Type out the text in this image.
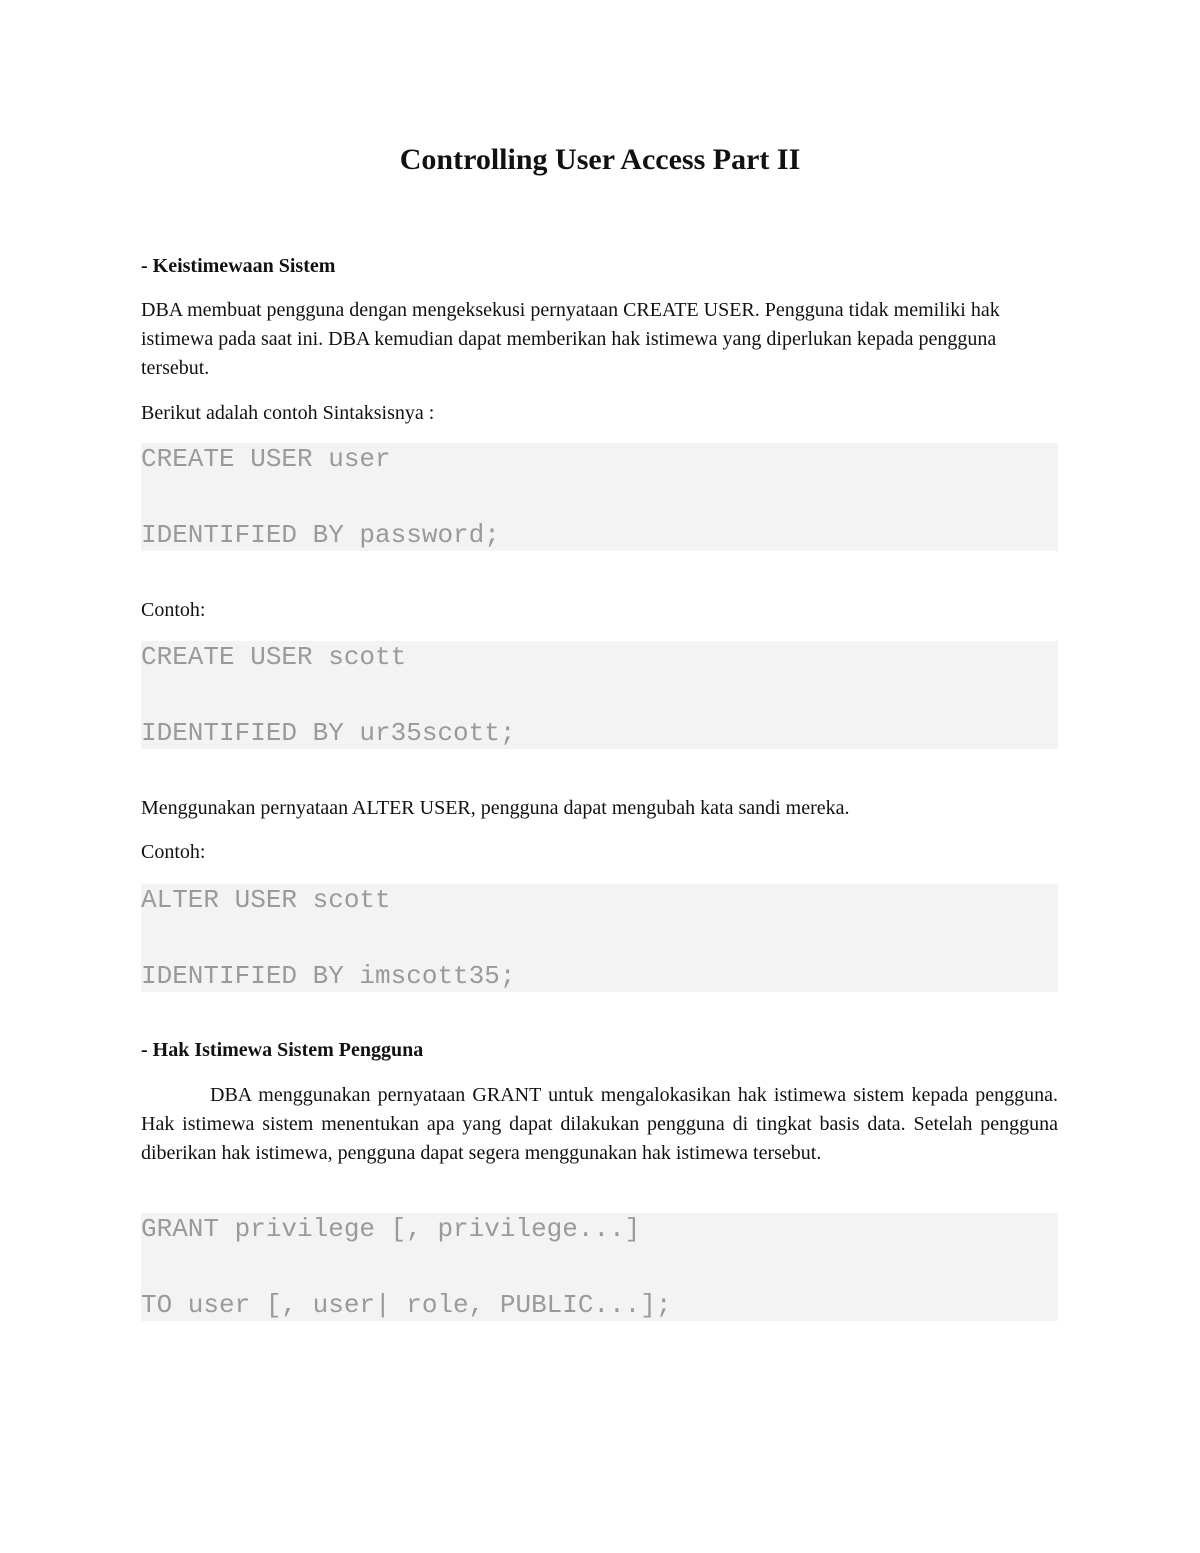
Controlling User Access Part II
- Keistimewaan Sistem

DBA membuat pengguna dengan mengeksekusi pernyataan CREATE USER. Pengguna tidak memiliki hak istimewa pada saat ini. DBA kemudian dapat memberikan hak istimewa yang diperlukan kepada pengguna tersebut.

Berikut adalah contoh Sintaksisnya :

CREATE USER user
IDENTIFIED BY password;

Contoh:

CREATE USER scott
IDENTIFIED BY ur35scott;

Menggunakan pernyataan ALTER USER, pengguna dapat mengubah kata sandi mereka.

Contoh:

ALTER USER scott
IDENTIFIED BY imscott35;
- Hak Istimewa Sistem Pengguna

DBA menggunakan pernyataan GRANT untuk mengalokasikan hak istimewa sistem kepada pengguna. Hak istimewa sistem menentukan apa yang dapat dilakukan pengguna di tingkat basis data. Setelah pengguna diberikan hak istimewa, pengguna dapat segera menggunakan hak istimewa tersebut.

GRANT privilege [, privilege...]
TO user [, user| role, PUBLIC...];
